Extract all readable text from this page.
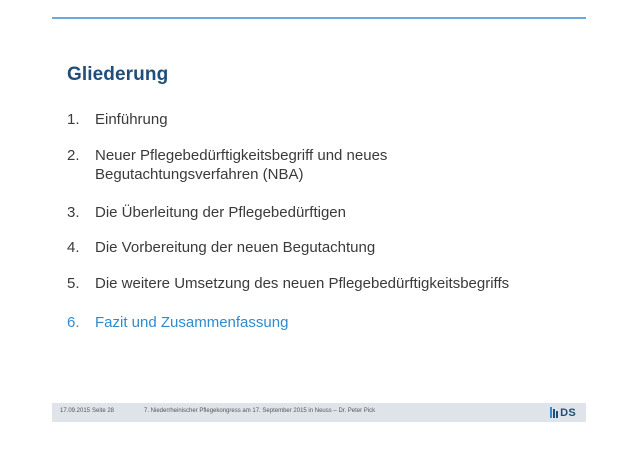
Gliederung
1.	Einführung
2.	Neuer Pflegebedürftigkeitsbegriff und neues Begutachtungsverfahren (NBA)
3.	Die Überleitung der Pflegebedürftigen
4.	Die Vorbereitung der neuen Begutachtung
5.	Die weitere Umsetzung des neuen Pflegebedürftigkeitsbegriffs
6.	Fazit und Zusammenfassung
17.09.2015 Seite 28	7. Niederrheinischer Pflegekongress am 17. September 2015 in Neuss – Dr. Peter Pick	DS
